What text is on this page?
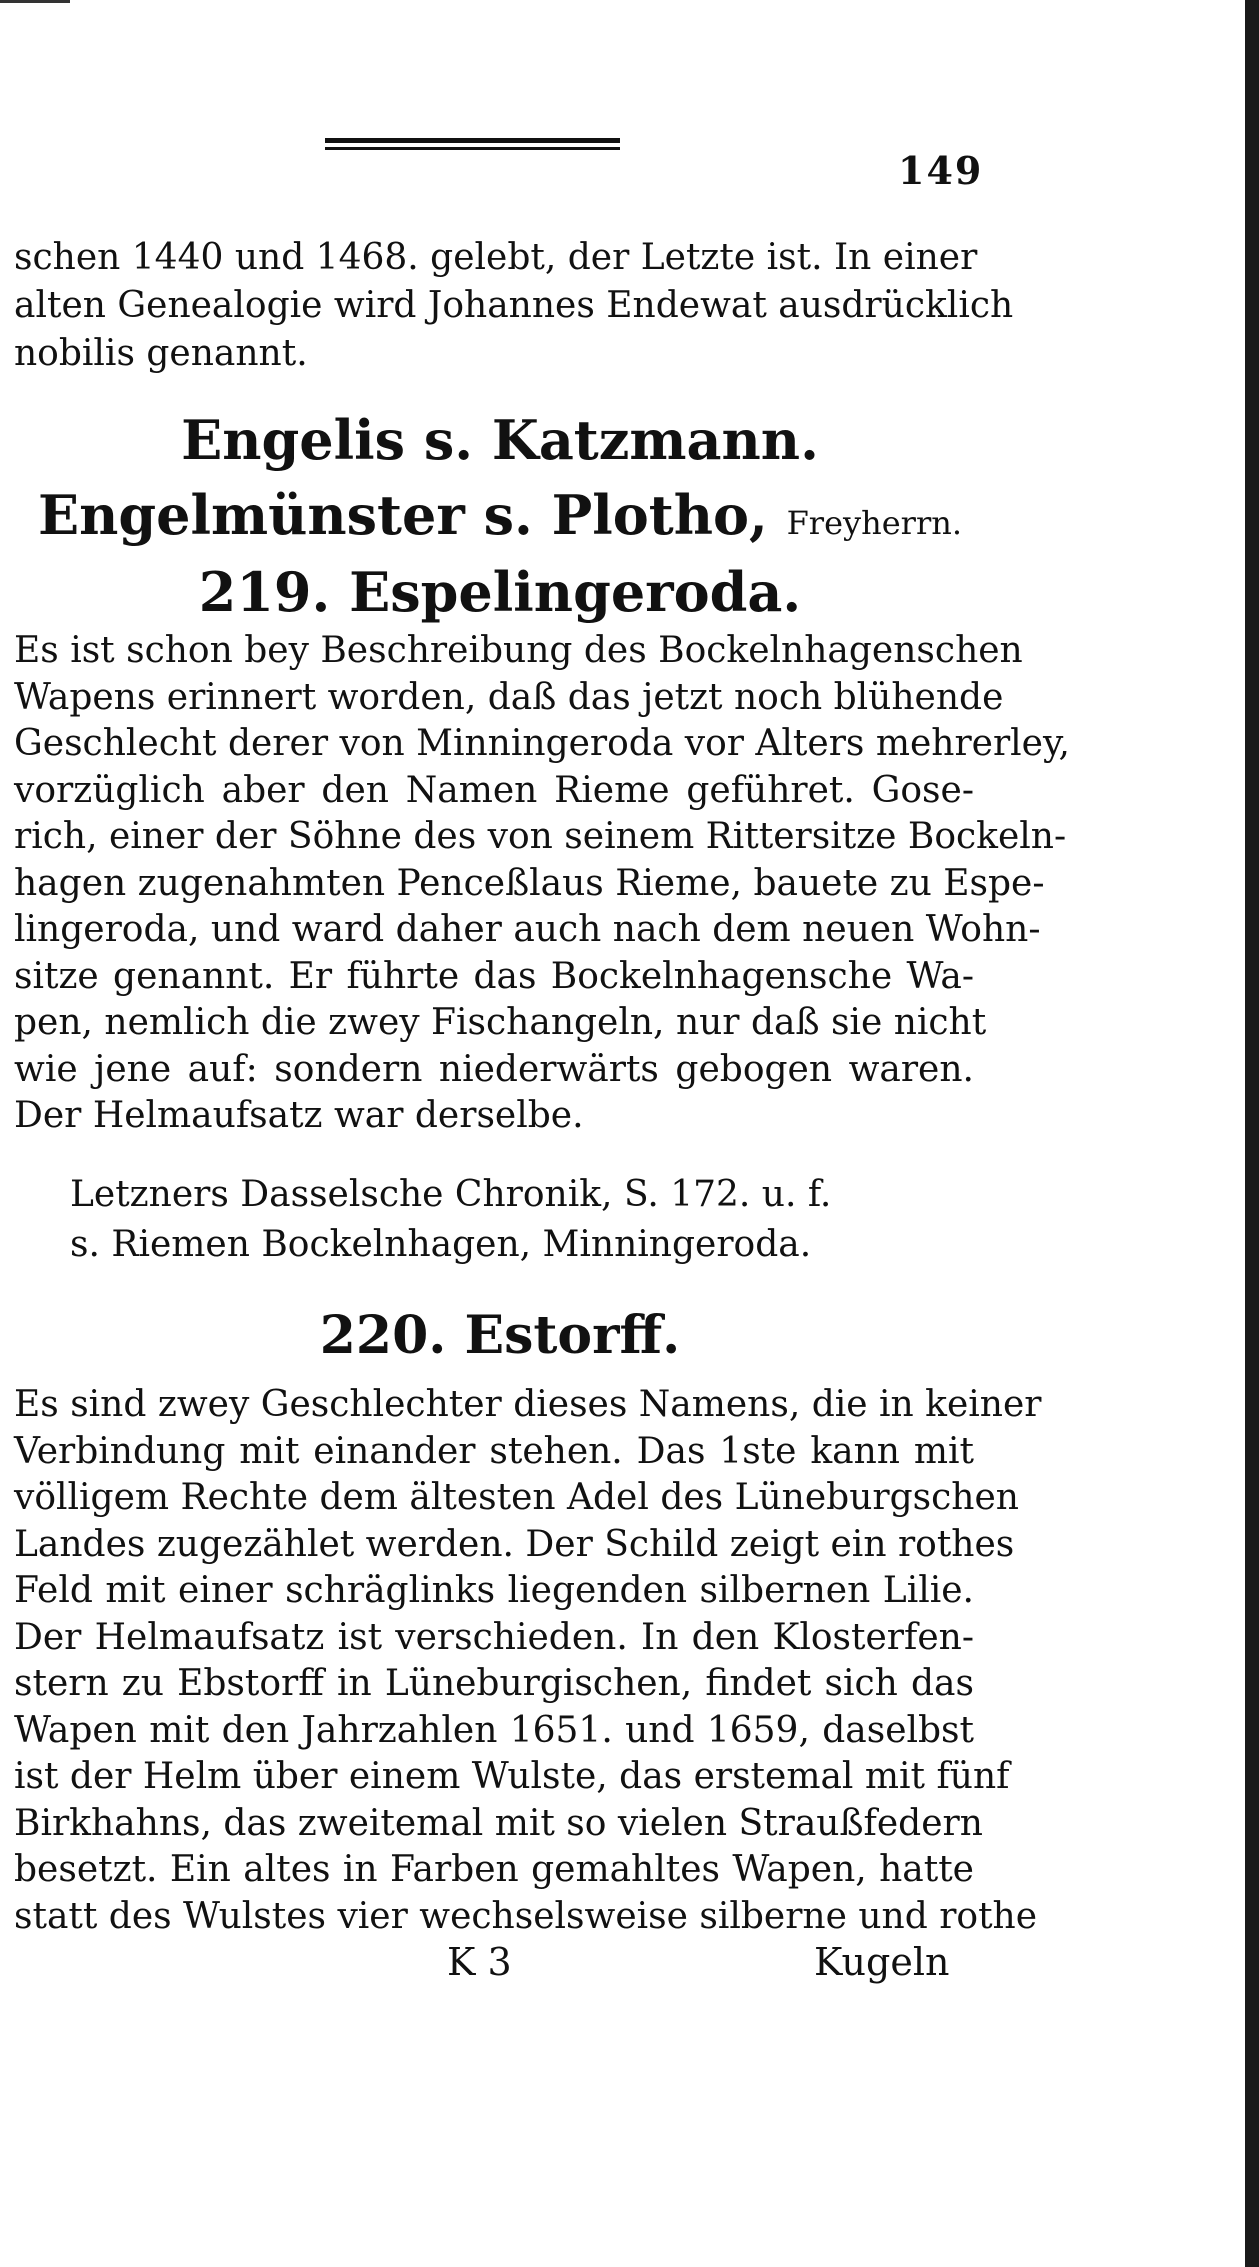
149
schen 1440 und 1468. gelebt, der Letzte ist. In einer
alten Genealogie wird Johannes Endewat ausdrücklich
nobilis genannt.
Engelis s. Katzmann.
Engelmünster s. Plotho, Freyherrn.
219. Espelingeroda.
Es ist schon bey Beschreibung des Bockelnhagenschen
Wapens erinnert worden, daß das jetzt noch blühende
Geschlecht derer von Minningeroda vor Alters mehrerley,
vorzüglich aber den Namen Rieme geführet. Gose-
rich, einer der Söhne des von seinem Rittersitze Bockeln-
hagen zugenahmten Penceßlaus Rieme, bauete zu Espe-
lingeroda, und ward daher auch nach dem neuen Wohn-
sitze genannt. Er führte das Bockelnhagensche Wa-
pen, nemlich die zwey Fischangeln, nur daß sie nicht
wie jene auf: sondern niederwärts gebogen waren.
Der Helmaufsatz war derselbe.
Letzners Dasselsche Chronik, S. 172. u. f.
s. Riemen Bockelnhagen, Minningeroda.
220. Estorff.
Es sind zwey Geschlechter dieses Namens, die in keiner
Verbindung mit einander stehen. Das 1ste kann mit
völligem Rechte dem ältesten Adel des Lüneburgschen
Landes zugezählet werden. Der Schild zeigt ein rothes
Feld mit einer schräglinks liegenden silbernen Lilie.
Der Helmaufsatz ist verschieden. In den Klosterfen-
stern zu Ebstorff in Lüneburgischen, findet sich das
Wapen mit den Jahrzahlen 1651. und 1659, daselbst
ist der Helm über einem Wulste, das erstemal mit fünf
Birkhahns, das zweitemal mit so vielen Straußfedern
besetzt. Ein altes in Farben gemahltes Wapen, hatte
statt des Wulstes vier wechselsweise silberne und rothe
K 3	Kugeln
